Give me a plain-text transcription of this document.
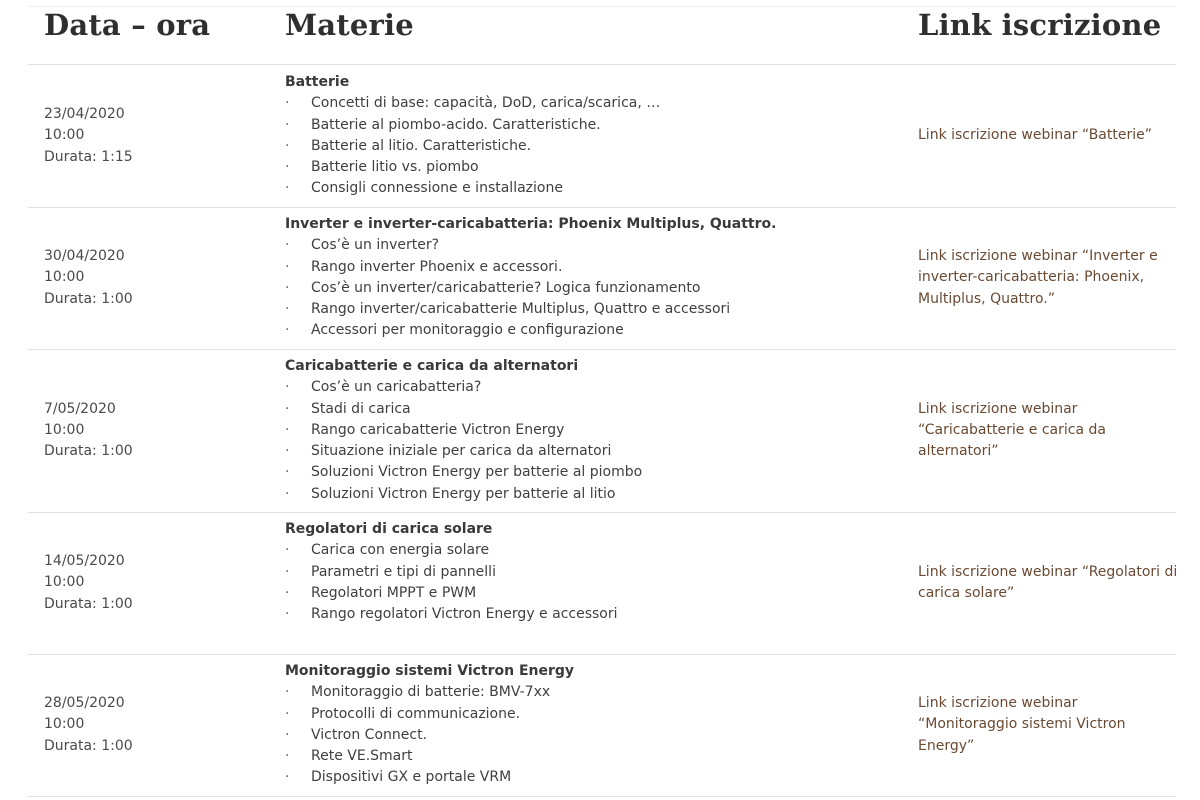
Data – ora	Materie	Link iscrizione
23/04/2020
10:00
Durata: 1:15
Batterie
· Concetti di base: capacità, DoD, carica/scarica, …
· Batterie al piombo-acido. Caratteristiche.
· Batterie al litio. Caratteristiche.
· Batterie litio vs. piombo
· Consigli connessione e installazione
Link iscrizione webinar “Batterie”
30/04/2020
10:00
Durata: 1:00
Inverter e inverter-caricabatteria: Phoenix Multiplus, Quattro.
· Cos’è un inverter?
· Rango inverter Phoenix e accessori.
· Cos’è un inverter/caricabatterie? Logica funzionamento
· Rango inverter/caricabatterie Multiplus, Quattro e accessori
· Accessori per monitoraggio e configurazione
Link iscrizione webinar “Inverter e
inverter-caricabatteria: Phoenix,
Multiplus, Quattro.”
7/05/2020
10:00
Durata: 1:00
Caricabatterie e carica da alternatori
· Cos’è un caricabatteria?
· Stadi di carica
· Rango caricabatterie Victron Energy
· Situazione iniziale per carica da alternatori
· Soluzioni Victron Energy per batterie al piombo
· Soluzioni Victron Energy per batterie al litio
Link iscrizione webinar
“Caricabatterie e carica da
alternatori”
14/05/2020
10:00
Durata: 1:00
Regolatori di carica solare
· Carica con energia solare
· Parametri e tipi di pannelli
· Regolatori MPPT e PWM
· Rango regolatori Victron Energy e accessori
Link iscrizione webinar “Regolatori di
carica solare”
28/05/2020
10:00
Durata: 1:00
Monitoraggio sistemi Victron Energy
· Monitoraggio di batterie: BMV-7xx
· Protocolli di communicazione.
· Victron Connect.
· Rete VE.Smart
· Dispositivi GX e portale VRM
Link iscrizione webinar
“Monitoraggio sistemi Victron
Energy”
